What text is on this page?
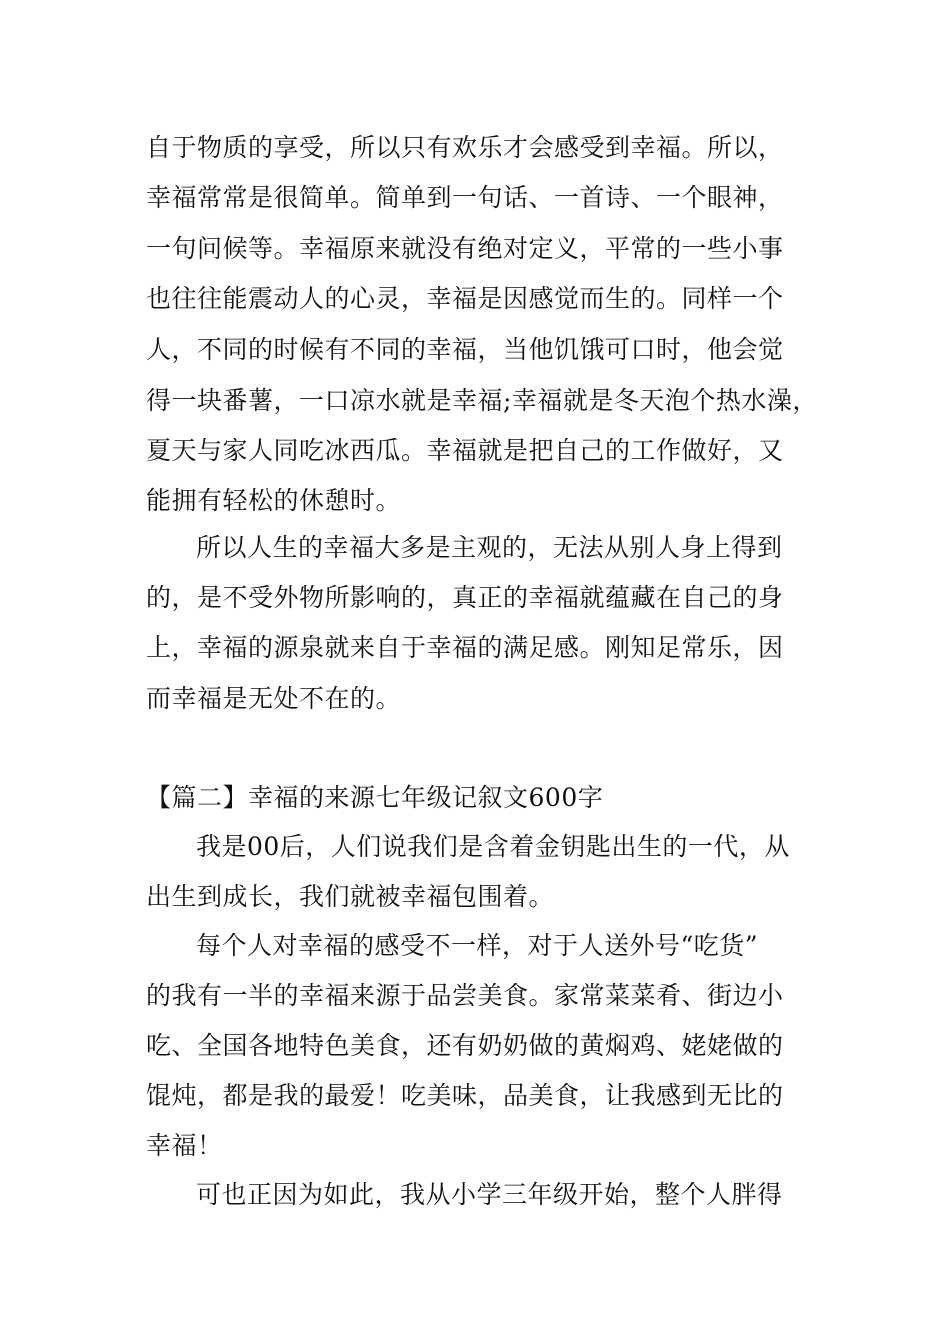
自于物质的享受，所以只有欢乐才会感受到幸福。所以，
幸福常常是很简单。简单到一句话、一首诗、一个眼神，
一句问候等。幸福原来就没有绝对定义，平常的一些小事
也往往能震动人的心灵，幸福是因感觉而生的。同样一个
人，不同的时候有不同的幸福，当他饥饿可口时，他会觉
得一块番薯，一口凉水就是幸福;幸福就是冬天泡个热水澡，
夏天与家人同吃冰西瓜。幸福就是把自己的工作做好，又
能拥有轻松的休憩时。
所以人生的幸福大多是主观的，无法从别人身上得到
的，是不受外物所影响的，真正的幸福就蕴藏在自己的身
上，幸福的源泉就来自于幸福的满足感。刚知足常乐，因
而幸福是无处不在的。
【篇二】幸福的来源七年级记叙文600字
我是00后，人们说我们是含着金钥匙出生的一代，从
出生到成长，我们就被幸福包围着。
每个人对幸福的感受不一样，对于人送外号“吃货”
的我有一半的幸福来源于品尝美食。家常菜菜肴、街边小
吃、全国各地特色美食，还有奶奶做的黄焖鸡、姥姥做的
馄炖，都是我的最爱！吃美味，品美食，让我感到无比的
幸福！
可也正因为如此，我从小学三年级开始，整个人胖得
